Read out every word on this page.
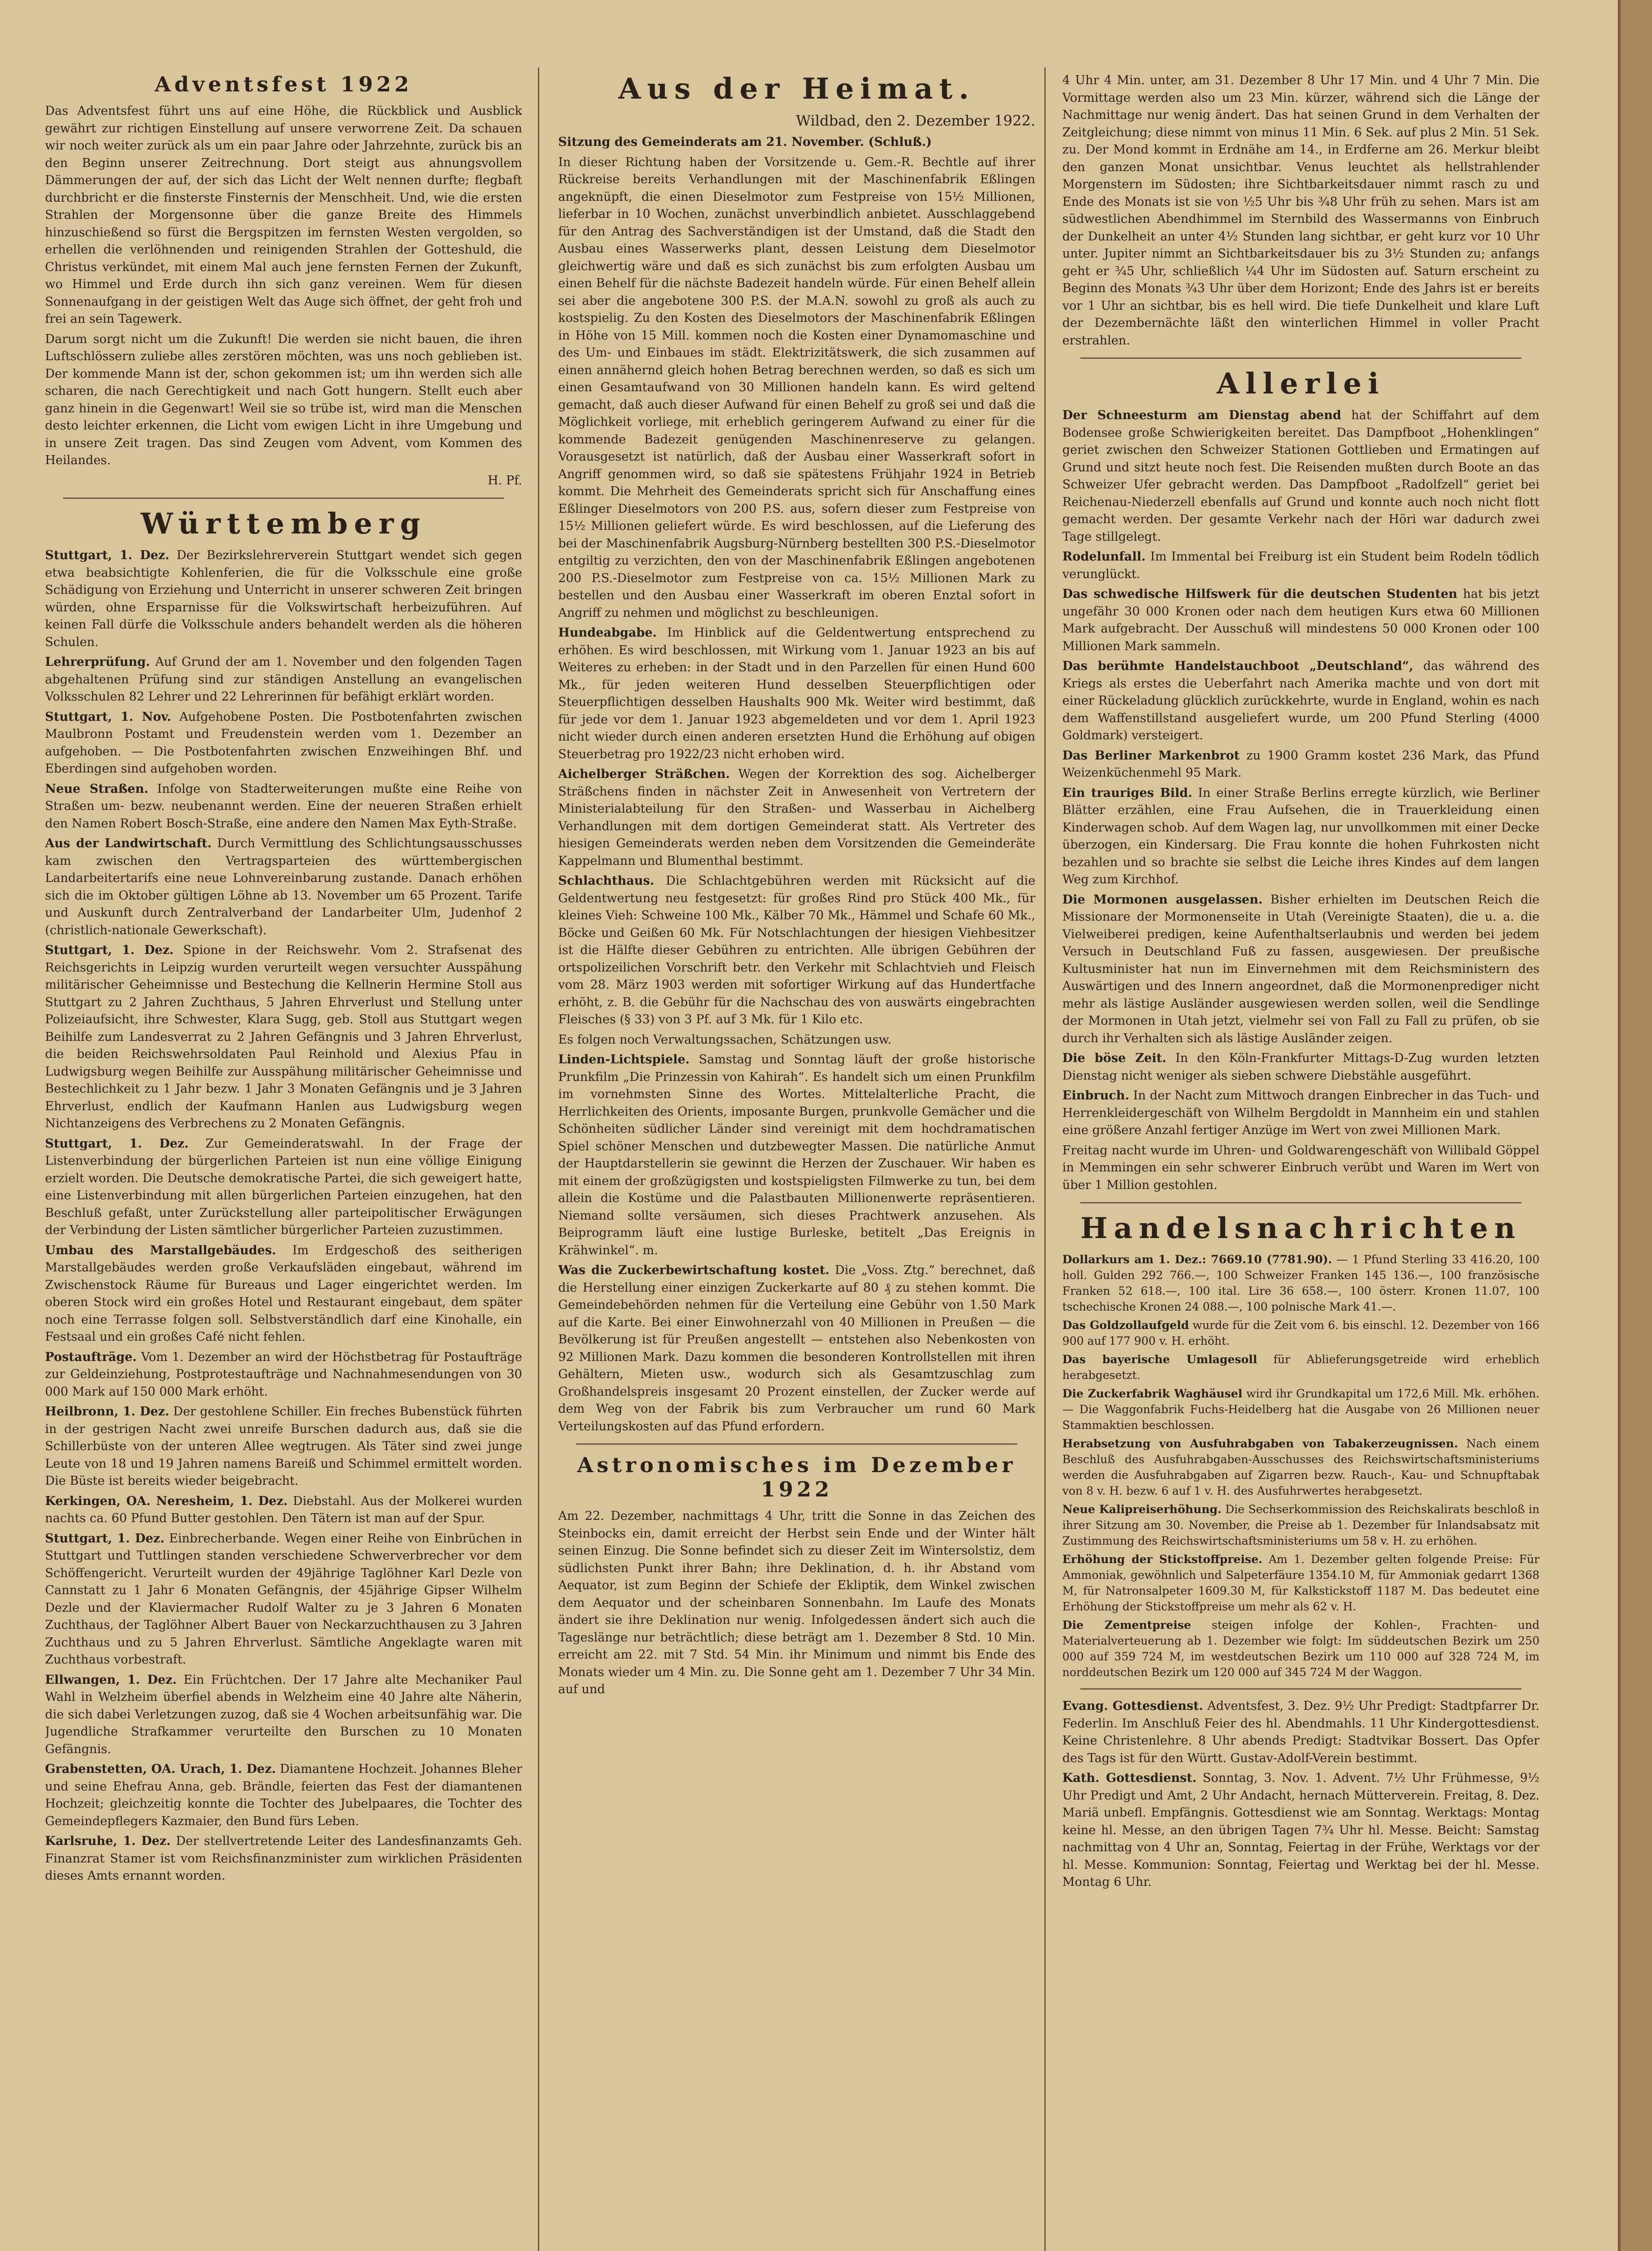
Adventsfest 1922

Das Adventsfest führt uns auf eine Höhe, die Rückblick und Ausblick gewährt zur richtigen Einstellung auf unsere verworrene Zeit. Da schauen wir noch weiter zurück als um ein paar Jahre oder Jahrzehnte, zurück bis an den Beginn unserer Zeitrechnung. Dort steigt aus ahnungsvollem Dämmerungen der auf, der sich das Licht der Welt nennen durfte; flegbaft durchbricht er die finsterste Finsternis der Menschheit. Und, wie die ersten Strahlen der Morgensonne über die ganze Breite des Himmels hinzuschießend so fürst die Bergspitzen im fernsten Westen vergolden, so erhellen die verlöhnenden und reinigenden Strahlen der Gotteshuld, die Christus verkündet, mit einem Mal auch jene fernsten Fernen der Zukunft, wo Himmel und Erde durch ihn sich ganz vereinen. Wem für diesen Sonnenaufgang in der geistigen Welt das Auge sich öffnet, der geht froh und frei an sein Tagewerk.

Darum sorgt nicht um die Zukunft! Die werden sie nicht bauen, die ihren Luftschlössern zuliebe alles zerstören möchten, was uns noch geblieben ist. Der kommende Mann ist der, schon gekommen ist; um ihn werden sich alle scharen, die nach Gerechtigkeit und nach Gott hungern. Stellt euch aber ganz hinein in die Gegenwart! Weil sie so trübe ist, wird man die Menschen desto leichter erkennen, die Licht vom ewigen Licht in ihre Umgebung und in unsere Zeit tragen. Das sind Zeugen vom Advent, vom Kommen des Heilandes.

H. Pf.

Württemberg

Stuttgart, 1. Dez. Der Bezirkslehrerverein Stuttgart wendet sich gegen etwa beabsichtigte Kohlenferien, die für die Volksschule eine große Schädigung von Erziehung und Unterricht in unserer schweren Zeit bringen würden, ohne Ersparnisse für die Volkswirtschaft herbeizuführen. Auf keinen Fall dürfe die Volksschule anders behandelt werden als die höheren Schulen.

Lehrerprüfung. Auf Grund der am 1. November und den folgenden Tagen abgehaltenen Prüfung sind zur ständigen Anstellung an evangelischen Volksschulen 82 Lehrer und 22 Lehrerinnen für befähigt erklärt worden.

Stuttgart, 1. Nov. Aufgehobene Posten. Die Postbotenfahrten zwischen Maulbronn Postamt und Freudenstein werden vom 1. Dezember an aufgehoben. — Die Postbotenfahrten zwischen Enzweihingen Bhf. und Eberdingen sind aufgehoben worden.

Neue Straßen. Infolge von Stadterweiterungen mußte eine Reihe von Straßen um- bezw. neubenannt werden. Eine der neueren Straßen erhielt den Namen Robert Bosch-Straße, eine andere den Namen Max Eyth-Straße.

Aus der Landwirtschaft. Durch Vermittlung des Schlichtungsausschusses kam zwischen den Vertragsparteien des württembergischen Landarbeitertarifs eine neue Lohnvereinbarung zustande. Danach erhöhen sich die im Oktober gültigen Löhne ab 13. November um 65 Prozent. Tarife und Auskunft durch Zentralverband der Landarbeiter Ulm, Judenhof 2 (christlich-nationale Gewerkschaft).

Stuttgart, 1. Dez. Spione in der Reichswehr. Vom 2. Strafsenat des Reichsgerichts in Leipzig wurden verurteilt wegen versuchter Ausspähung militärischer Geheimnisse und Bestechung die Kellnerin Hermine Stoll aus Stuttgart zu 2 Jahren Zuchthaus, 5 Jahren Ehrverlust und Stellung unter Polizeiaufsicht, ihre Schwester, Klara Sugg, geb. Stoll aus Stuttgart wegen Beihilfe zum Landesverrat zu 2 Jahren Gefängnis und 3 Jahren Ehrverlust, die beiden Reichswehrsoldaten Paul Reinhold und Alexius Pfau in Ludwigsburg wegen Beihilfe zur Ausspähung militärischer Geheimnisse und Bestechlichkeit zu 1 Jahr bezw. 1 Jahr 3 Monaten Gefängnis und je 3 Jahren Ehrverlust, endlich der Kaufmann Hanlen aus Ludwigsburg wegen Nichtanzeigens des Verbrechens zu 2 Monaten Gefängnis.

Stuttgart, 1. Dez. Zur Gemeinderatswahl. In der Frage der Listenverbindung der bürgerlichen Parteien ist nun eine völlige Einigung erzielt worden. Die Deutsche demokratische Partei, die sich geweigert hatte, eine Listenverbindung mit allen bürgerlichen Parteien einzugehen, hat den Beschluß gefaßt, unter Zurückstellung aller parteipolitischer Erwägungen der Verbindung der Listen sämtlicher bürgerlicher Parteien zuzustimmen.

Umbau des Marstallgebäudes. Im Erdgeschoß des seitherigen Marstallgebäudes werden große Verkaufsläden eingebaut, während im Zwischenstock Räume für Bureaus und Lager eingerichtet werden. Im oberen Stock wird ein großes Hotel und Restaurant eingebaut, dem später noch eine Terrasse folgen soll. Selbstverständlich darf eine Kinohalle, ein Festsaal und ein großes Café nicht fehlen.

Postaufträge. Vom 1. Dezember an wird der Höchstbetrag für Postaufträge zur Geldeinziehung, Postprotestaufträge und Nachnahmesendungen von 30 000 Mark auf 150 000 Mark erhöht.

Heilbronn, 1. Dez. Der gestohlene Schiller. Ein freches Bubenstück führten in der gestrigen Nacht zwei unreife Burschen dadurch aus, daß sie die Schillerbüste von der unteren Allee wegtrugen. Als Täter sind zwei junge Leute von 18 und 19 Jahren namens Bareiß und Schimmel ermittelt worden. Die Büste ist bereits wieder beigebracht.

Kerkingen, OA. Neresheim, 1. Dez. Diebstahl. Aus der Molkerei wurden nachts ca. 60 Pfund Butter gestohlen. Den Tätern ist man auf der Spur.

Stuttgart, 1. Dez. Einbrecherbande. Wegen einer Reihe von Einbrüchen in Stuttgart und Tuttlingen standen verschiedene Schwerverbrecher vor dem Schöffengericht. Verurteilt wurden der 49jährige Taglöhner Karl Dezle von Cannstatt zu 1 Jahr 6 Monaten Gefängnis, der 45jährige Gipser Wilhelm Dezle und der Klaviermacher Rudolf Walter zu je 3 Jahren 6 Monaten Zuchthaus, der Taglöhner Albert Bauer von Neckarzuchthausen zu 3 Jahren Zuchthaus und zu 5 Jahren Ehrverlust. Sämtliche Angeklagte waren mit Zuchthaus vorbestraft.

Ellwangen, 1. Dez. Ein Früchtchen. Der 17 Jahre alte Mechaniker Paul Wahl in Welzheim überfiel abends in Welzheim eine 40 Jahre alte Näherin, die sich dabei Verletzungen zuzog, daß sie 4 Wochen arbeitsunfähig war. Die Jugendliche Strafkammer verurteilte den Burschen zu 10 Monaten Gefängnis.

Grabenstetten, OA. Urach, 1. Dez. Diamantene Hochzeit. Johannes Bleher und seine Ehefrau Anna, geb. Brändle, feierten das Fest der diamantenen Hochzeit; gleichzeitig konnte die Tochter des Jubelpaares, die Tochter des Gemeindepflegers Kazmaier, den Bund fürs Leben.

Karlsruhe, 1. Dez. Der stellvertretende Leiter des Landesfinanzamts Geh. Finanzrat Stamer ist vom Reichsfinanzminister zum wirklichen Präsidenten dieses Amts ernannt worden.

Aus der Heimat.

Wildbad, den 2. Dezember 1922.

Sitzung des Gemeinderats am 21. November. (Schluß.)

In dieser Richtung haben der Vorsitzende u. Gem.-R. Bechtle auf ihrer Rückreise bereits Verhandlungen mit der Maschinenfabrik Eßlingen angeknüpft, die einen Dieselmotor zum Festpreise von 15½ Millionen, lieferbar in 10 Wochen, zunächst unverbindlich anbietet. Ausschlaggebend für den Antrag des Sachverständigen ist der Umstand, daß die Stadt den Ausbau eines Wasserwerks plant, dessen Leistung dem Dieselmotor gleichwertig wäre und daß es sich zunächst bis zum erfolgten Ausbau um einen Behelf für die nächste Badezeit handeln würde. Für einen Behelf allein sei aber die angebotene 300 P.S. der M.A.N. sowohl zu groß als auch zu kostspielig. Zu den Kosten des Dieselmotors der Maschinenfabrik Eßlingen in Höhe von 15 Mill. kommen noch die Kosten einer Dynamomaschine und des Um- und Einbaues im städt. Elektrizitätswerk, die sich zusammen auf einen annähernd gleich hohen Betrag berechnen werden, so daß es sich um einen Gesamtaufwand von 30 Millionen handeln kann. Es wird geltend gemacht, daß auch dieser Aufwand für einen Behelf zu groß sei und daß die Möglichkeit vorliege, mit erheblich geringerem Aufwand zu einer für die kommende Badezeit genügenden Maschinenreserve zu gelangen. Vorausgesetzt ist natürlich, daß der Ausbau einer Wasserkraft sofort in Angriff genommen wird, so daß sie spätestens Frühjahr 1924 in Betrieb kommt. Die Mehrheit des Gemeinderats spricht sich für Anschaffung eines Eßlinger Dieselmotors von 200 P.S. aus, sofern dieser zum Festpreise von 15½ Millionen geliefert würde. Es wird beschlossen, auf die Lieferung des bei der Maschinenfabrik Augsburg-Nürnberg bestellten 300 P.S.-Dieselmotor entgiltig zu verzichten, den von der Maschinenfabrik Eßlingen angebotenen 200 P.S.-Dieselmotor zum Festpreise von ca. 15½ Millionen Mark zu bestellen und den Ausbau einer Wasserkraft im oberen Enztal sofort in Angriff zu nehmen und möglichst zu beschleunigen.

Hundeabgabe. Im Hinblick auf die Geldentwertung entsprechend zu erhöhen. Es wird beschlossen, mit Wirkung vom 1. Januar 1923 an bis auf Weiteres zu erheben: in der Stadt und in den Parzellen für einen Hund 600 Mk., für jeden weiteren Hund desselben Steuerpflichtigen oder Steuerpflichtigen desselben Haushalts 900 Mk. Weiter wird bestimmt, daß für jede vor dem 1. Januar 1923 abgemeldeten und vor dem 1. April 1923 nicht wieder durch einen anderen ersetzten Hund die Erhöhung auf obigen Steuerbetrag pro 1922/23 nicht erhoben wird.

Aichelberger Sträßchen. Wegen der Korrektion des sog. Aichelberger Sträßchens finden in nächster Zeit in Anwesenheit von Vertretern der Ministerialabteilung für den Straßen- und Wasserbau in Aichelberg Verhandlungen mit dem dortigen Gemeinderat statt. Als Vertreter des hiesigen Gemeinderats werden neben dem Vorsitzenden die Gemeinderäte Kappelmann und Blumenthal bestimmt.

Schlachthaus. Die Schlachtgebühren werden mit Rücksicht auf die Geldentwertung neu festgesetzt: für großes Rind pro Stück 400 Mk., für kleines Vieh: Schweine 100 Mk., Kälber 70 Mk., Hämmel und Schafe 60 Mk., Böcke und Geißen 60 Mk. Für Notschlachtungen der hiesigen Viehbesitzer ist die Hälfte dieser Gebühren zu entrichten. Alle übrigen Gebühren der ortspolizeilichen Vorschrift betr. den Verkehr mit Schlachtvieh und Fleisch vom 28. März 1903 werden mit sofortiger Wirkung auf das Hundertfache erhöht, z. B. die Gebühr für die Nachschau des von auswärts eingebrachten Fleisches (§ 33) von 3 Pf. auf 3 Mk. für 1 Kilo etc.

Es folgen noch Verwaltungssachen, Schätzungen usw.

Linden-Lichtspiele. Samstag und Sonntag läuft der große historische Prunkfilm „Die Prinzessin von Kahirah“. Es handelt sich um einen Prunkfilm im vornehmsten Sinne des Wortes. Mittelalterliche Pracht, die Herrlichkeiten des Orients, imposante Burgen, prunkvolle Gemächer und die Schönheiten südlicher Länder sind vereinigt mit dem hochdramatischen Spiel schöner Menschen und dutzbewegter Massen. Die natürliche Anmut der Hauptdarstellerin sie gewinnt die Herzen der Zuschauer. Wir haben es mit einem der großzügigsten und kostspieligsten Filmwerke zu tun, bei dem allein die Kostüme und die Palastbauten Millionenwerte repräsentieren. Niemand sollte versäumen, sich dieses Prachtwerk anzusehen. Als Beiprogramm läuft eine lustige Burleske, betitelt „Das Ereignis in Krähwinkel“. m.

Was die Zuckerbewirtschaftung kostet. Die „Voss. Ztg.“ berechnet, daß die Herstellung einer einzigen Zuckerkarte auf 80 ₰ zu stehen kommt. Die Gemeindebehörden nehmen für die Verteilung eine Gebühr von 1.50 Mark auf die Karte. Bei einer Einwohnerzahl von 40 Millionen in Preußen — die Bevölkerung ist für Preußen angestellt — entstehen also Nebenkosten von 92 Millionen Mark. Dazu kommen die besonderen Kontrollstellen mit ihren Gehältern, Mieten usw., wodurch sich als Gesamtzuschlag zum Großhandelspreis insgesamt 20 Prozent einstellen, der Zucker werde auf dem Weg von der Fabrik bis zum Verbraucher um rund 60 Mark Verteilungskosten auf das Pfund erfordern.

Astronomisches im Dezember 1922

Am 22. Dezember, nachmittags 4 Uhr, tritt die Sonne in das Zeichen des Steinbocks ein, damit erreicht der Herbst sein Ende und der Winter hält seinen Einzug. Die Sonne befindet sich zu dieser Zeit im Wintersolstiz, dem südlichsten Punkt ihrer Bahn; ihre Deklination, d. h. ihr Abstand vom Aequator, ist zum Beginn der Schiefe der Ekliptik, dem Winkel zwischen dem Aequator und der scheinbaren Sonnenbahn. Im Laufe des Monats ändert sie ihre Deklination nur wenig. Infolgedessen ändert sich auch die Tageslänge nur beträchtlich; diese beträgt am 1. Dezember 8 Std. 10 Min. erreicht am 22. mit 7 Std. 54 Min. ihr Minimum und nimmt bis Ende des Monats wieder um 4 Min. zu. Die Sonne geht am 1. Dezember 7 Uhr 34 Min. auf und

4 Uhr 4 Min. unter, am 31. Dezember 8 Uhr 17 Min. und 4 Uhr 7 Min. Die Vormittage werden also um 23 Min. kürzer, während sich die Länge der Nachmittage nur wenig ändert. Das hat seinen Grund in dem Verhalten der Zeitgleichung; diese nimmt von minus 11 Min. 6 Sek. auf plus 2 Min. 51 Sek. zu. Der Mond kommt in Erdnähe am 14., in Erdferne am 26. Merkur bleibt den ganzen Monat unsichtbar. Venus leuchtet als hellstrahlender Morgenstern im Südosten; ihre Sichtbarkeitsdauer nimmt rasch zu und Ende des Monats ist sie von ½5 Uhr bis ¾8 Uhr früh zu sehen. Mars ist am südwestlichen Abendhimmel im Sternbild des Wassermanns von Einbruch der Dunkelheit an unter 4½ Stunden lang sichtbar, er geht kurz vor 10 Uhr unter. Jupiter nimmt an Sichtbarkeitsdauer bis zu 3½ Stunden zu; anfangs geht er ¾5 Uhr, schließlich ¼4 Uhr im Südosten auf. Saturn erscheint zu Beginn des Monats ¾3 Uhr über dem Horizont; Ende des Jahrs ist er bereits vor 1 Uhr an sichtbar, bis es hell wird. Die tiefe Dunkelheit und klare Luft der Dezembernächte läßt den winterlichen Himmel in voller Pracht erstrahlen.

Allerlei

Der Schneesturm am Dienstag abend hat der Schiffahrt auf dem Bodensee große Schwierigkeiten bereitet. Das Dampfboot „Hohenklingen“ geriet zwischen den Schweizer Stationen Gottlieben und Ermatingen auf Grund und sitzt heute noch fest. Die Reisenden mußten durch Boote an das Schweizer Ufer gebracht werden. Das Dampfboot „Radolfzell“ geriet bei Reichenau-Niederzell ebenfalls auf Grund und konnte auch noch nicht flott gemacht werden. Der gesamte Verkehr nach der Höri war dadurch zwei Tage stillgelegt.

Rodelunfall. Im Immental bei Freiburg ist ein Student beim Rodeln tödlich verunglückt.

Das schwedische Hilfswerk für die deutschen Studenten hat bis jetzt ungefähr 30 000 Kronen oder nach dem heutigen Kurs etwa 60 Millionen Mark aufgebracht. Der Ausschuß will mindestens 50 000 Kronen oder 100 Millionen Mark sammeln.

Das berühmte Handelstauchboot „Deutschland“, das während des Kriegs als erstes die Ueberfahrt nach Amerika machte und von dort mit einer Rückeladung glücklich zurückkehrte, wurde in England, wohin es nach dem Waffenstillstand ausgeliefert wurde, um 200 Pfund Sterling (4000 Goldmark) versteigert.

Das Berliner Markenbrot zu 1900 Gramm kostet 236 Mark, das Pfund Weizenküchenmehl 95 Mark.

Ein trauriges Bild. In einer Straße Berlins erregte kürzlich, wie Berliner Blätter erzählen, eine Frau Aufsehen, die in Trauerkleidung einen Kinderwagen schob. Auf dem Wagen lag, nur unvollkommen mit einer Decke überzogen, ein Kindersarg. Die Frau konnte die hohen Fuhrkosten nicht bezahlen und so brachte sie selbst die Leiche ihres Kindes auf dem langen Weg zum Kirchhof.

Die Mormonen ausgelassen. Bisher erhielten im Deutschen Reich die Missionare der Mormonenseite in Utah (Vereinigte Staaten), die u. a. die Vielweiberei predigen, keine Aufenthaltserlaubnis und werden bei jedem Versuch in Deutschland Fuß zu fassen, ausgewiesen. Der preußische Kultusminister hat nun im Einvernehmen mit dem Reichsministern des Auswärtigen und des Innern angeordnet, daß die Mormonenprediger nicht mehr als lästige Ausländer ausgewiesen werden sollen, weil die Sendlinge der Mormonen in Utah jetzt, vielmehr sei von Fall zu Fall zu prüfen, ob sie durch ihr Verhalten sich als lästige Ausländer zeigen.

Die böse Zeit. In den Köln-Frankfurter Mittags-D-Zug wurden letzten Dienstag nicht weniger als sieben schwere Diebstähle ausgeführt.

Einbruch. In der Nacht zum Mittwoch drangen Einbrecher in das Tuch- und Herrenkleidergeschäft von Wilhelm Bergdoldt in Mannheim ein und stahlen eine größere Anzahl fertiger Anzüge im Wert von zwei Millionen Mark.

Freitag nacht wurde im Uhren- und Goldwarengeschäft von Willibald Göppel in Memmingen ein sehr schwerer Einbruch verübt und Waren im Wert von über 1 Million gestohlen.

Handelsnachrichten

Dollarkurs am 1. Dez.: 7669.10 (7781.90). — 1 Pfund Sterling 33 416.20, 100 holl. Gulden 292 766.—, 100 Schweizer Franken 145 136.—, 100 französische Franken 52 618.—, 100 ital. Lire 36 658.—, 100 österr. Kronen 11.07, 100 tschechische Kronen 24 088.—, 100 polnische Mark 41.—.

Das Goldzollaufgeld wurde für die Zeit vom 6. bis einschl. 12. Dezember von 166 900 auf 177 900 v. H. erhöht.

Das bayerische Umlagesoll für Ablieferungsgetreide wird erheblich herabgesetzt.

Die Zuckerfabrik Waghäusel wird ihr Grundkapital um 172,6 Mill. Mk. erhöhen. — Die Waggonfabrik Fuchs-Heidelberg hat die Ausgabe von 26 Millionen neuer Stammaktien beschlossen.

Herabsetzung von Ausfuhrabgaben von Tabakerzeugnissen. Nach einem Beschluß des Ausfuhrabgaben-Ausschusses des Reichswirtschaftsministeriums werden die Ausfuhrabgaben auf Zigarren bezw. Rauch-, Kau- und Schnupftabak von 8 v. H. bezw. 6 auf 1 v. H. des Ausfuhrwertes herabgesetzt.

Neue Kalipreiserhöhung. Die Sechserkommission des Reichskalirats beschloß in ihrer Sitzung am 30. November, die Preise ab 1. Dezember für Inlandsabsatz mit Zustimmung des Reichswirtschaftsministeriums um 58 v. H. zu erhöhen.

Erhöhung der Stickstoffpreise. Am 1. Dezember gelten folgende Preise: Für Ammoniak, gewöhnlich und Salpeterfäure 1354.10 M, für Ammoniak gedarrt 1368 M, für Natronsalpeter 1609.30 M, für Kalkstickstoff 1187 M. Das bedeutet eine Erhöhung der Stickstoffpreise um mehr als 62 v. H.

Die Zementpreise steigen infolge der Kohlen-, Frachten- und Materialverteuerung ab 1. Dezember wie folgt: Im süddeutschen Bezirk um 250 000 auf 359 724 M, im westdeutschen Bezirk um 110 000 auf 328 724 M, im norddeutschen Bezirk um 120 000 auf 345 724 M der Waggon.

Evang. Gottesdienst. Adventsfest, 3. Dez. 9½ Uhr Predigt: Stadtpfarrer Dr. Federlin. Im Anschluß Feier des hl. Abendmahls. 11 Uhr Kindergottesdienst. Keine Christenlehre. 8 Uhr abends Predigt: Stadtvikar Bossert. Das Opfer des Tags ist für den Württ. Gustav-Adolf-Verein bestimmt.

Kath. Gottesdienst. Sonntag, 3. Nov. 1. Advent. 7½ Uhr Frühmesse, 9½ Uhr Predigt und Amt, 2 Uhr Andacht, hernach Mütterverein. Freitag, 8. Dez. Mariä unbefl. Empfängnis. Gottesdienst wie am Sonntag. Werktags: Montag keine hl. Messe, an den übrigen Tagen 7¾ Uhr hl. Messe. Beicht: Samstag nachmittag von 4 Uhr an, Sonntag, Feiertag in der Frühe, Werktags vor der hl. Messe. Kommunion: Sonntag, Feiertag und Werktag bei der hl. Messe. Montag 6 Uhr.
